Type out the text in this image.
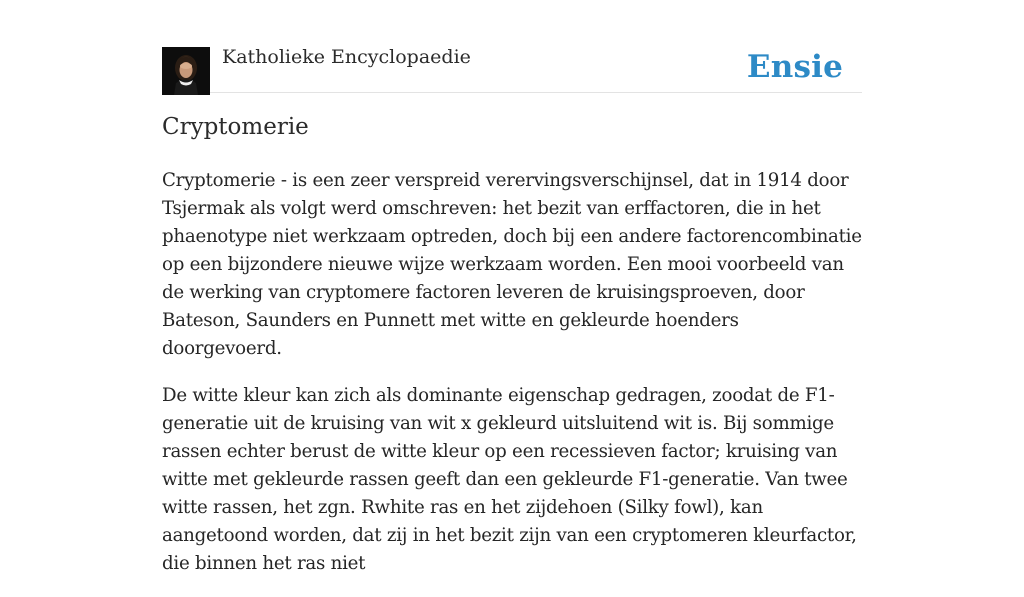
Katholieke Encyclopaedie	Ensie
Cryptomerie

Cryptomerie - is een zeer verspreid verervingsverschijnsel, dat in 1914 door Tsjermak als volgt werd omschreven: het bezit van erffactoren, die in het phaenotype niet werkzaam optreden, doch bij een andere factorencombinatie op een bijzondere nieuwe wijze werkzaam worden. Een mooi voorbeeld van de werking van cryptomere factoren leveren de kruisingsproeven, door Bateson, Saunders en Punnett met witte en gekleurde hoenders doorgevoerd.

De witte kleur kan zich als dominante eigenschap gedragen, zoodat de F1-generatie uit de kruising van wit x gekleurd uitsluitend wit is. Bij sommige rassen echter berust de witte kleur op een recessieven factor; kruising van witte met gekleurde rassen geeft dan een gekleurde F1-generatie. Van twee witte rassen, het zgn. Rwhite ras en het zijdehoen (Silky fowl), kan aangetoond worden, dat zij in het bezit zijn van een cryptomeren kleurfactor, die binnen het ras niet
